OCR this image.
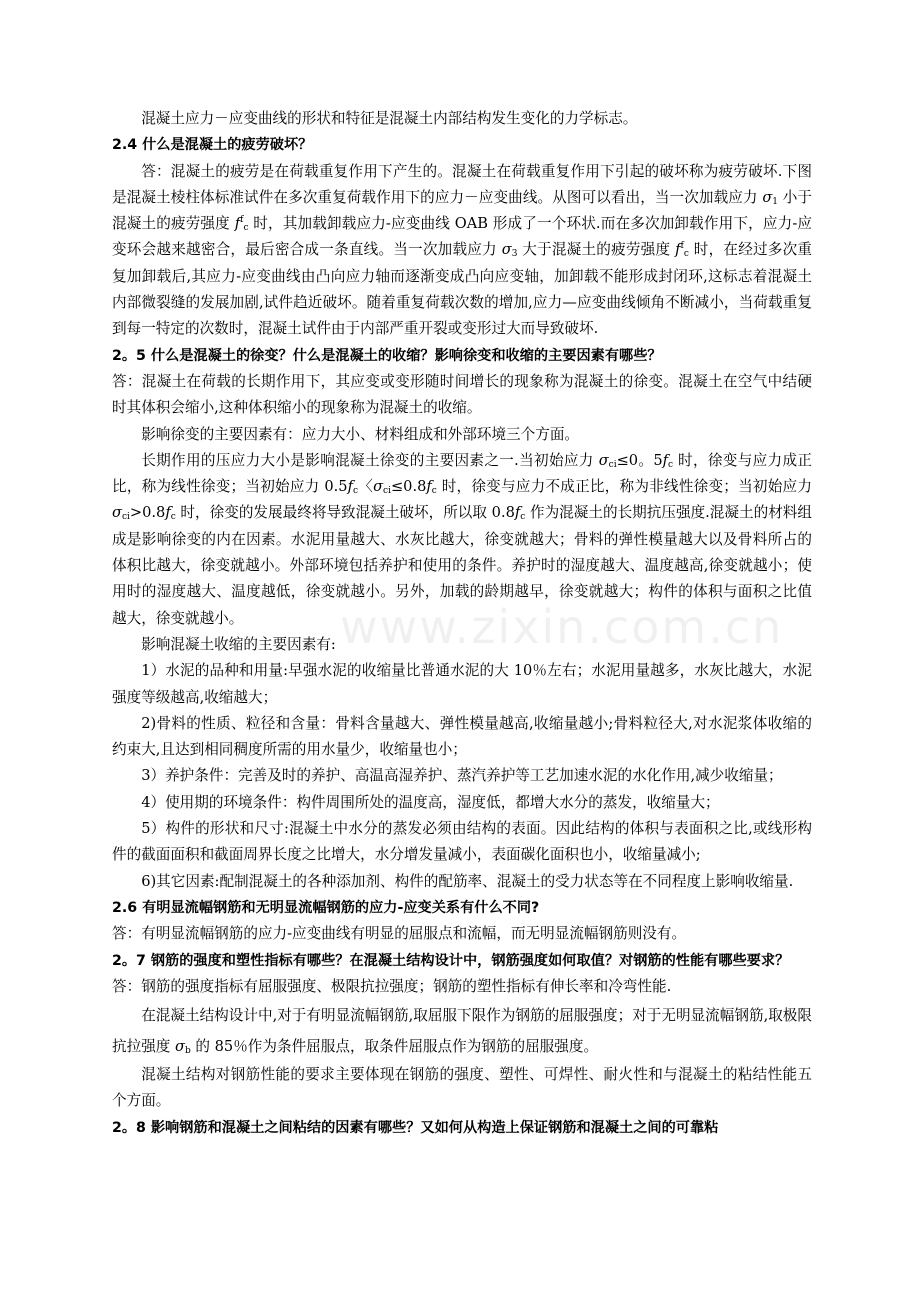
www.zixin.com.cn

混凝土应力－应变曲线的形状和特征是混凝土内部结构发生变化的力学标志。

2.4 什么是混凝土的疲劳破坏？

答：混凝土的疲劳是在荷载重复作用下产生的。混凝土在荷载重复作用下引起的破坏称为疲劳破坏.下图是混凝土棱柱体标准试件在多次重复荷载作用下的应力－应变曲线。从图可以看出，当一次加载应力 $\sigma_1$ 小于混凝土的疲劳强度 $f^f_c$ 时，其加载卸载应力-应变曲线 OAB 形成了一个环状.而在多次加卸载作用下，应力-应变环会越来越密合，最后密合成一条直线。当一次加载应力 $\sigma_3$ 大于混凝土的疲劳强度 $f^f_c$ 时，在经过多次重复加卸载后,其应力-应变曲线由凸向应力轴而逐渐变成凸向应变轴，加卸载不能形成封闭环,这标志着混凝土内部微裂缝的发展加剧,试件趋近破坏。随着重复荷载次数的增加,应力—应变曲线倾角不断减小，当荷载重复到每一特定的次数时，混凝土试件由于内部严重开裂或变形过大而导致破坏.

2。5 什么是混凝土的徐变？什么是混凝土的收缩？影响徐变和收缩的主要因素有哪些？

答：混凝土在荷载的长期作用下，其应变或变形随时间增长的现象称为混凝土的徐变。混凝土在空气中结硬时其体积会缩小,这种体积缩小的现象称为混凝土的收缩。

影响徐变的主要因素有：应力大小、材料组成和外部环境三个方面。

长期作用的压应力大小是影响混凝土徐变的主要因素之一.当初始应力 $\sigma_{ci}\le 0$。$5f_c$ 时，徐变与应力成正比，称为线性徐变；当初始应力 $0.5f_c$〈$\sigma_{ci}\le 0.8f_c$ 时，徐变与应力不成正比，称为非线性徐变；当初始应力 $\sigma_{ci}>0.8f_c$ 时，徐变的发展最终将导致混凝土破坏，所以取 $0.8f_c$ 作为混凝土的长期抗压强度.混凝土的材料组成是影响徐变的内在因素。水泥用量越大、水灰比越大，徐变就越大；骨料的弹性模量越大以及骨料所占的体积比越大，徐变就越小。外部环境包括养护和使用的条件。养护时的湿度越大、温度越高,徐变就越小；使用时的湿度越大、温度越低，徐变就越小。另外，加载的龄期越早，徐变就越大；构件的体积与面积之比值越大，徐变就越小。

影响混凝土收缩的主要因素有:

1）水泥的品种和用量:早强水泥的收缩量比普通水泥的大 10％左右；水泥用量越多，水灰比越大，水泥强度等级越高,收缩越大；

2)骨料的性质、粒径和含量：骨料含量越大、弹性模量越高,收缩量越小;骨料粒径大,对水泥浆体收缩的约束大,且达到相同稠度所需的用水量少，收缩量也小；

3）养护条件：完善及时的养护、高温高湿养护、蒸汽养护等工艺加速水泥的水化作用,减少收缩量；

4）使用期的环境条件：构件周围所处的温度高，湿度低，都增大水分的蒸发，收缩量大；

5）构件的形状和尺寸:混凝土中水分的蒸发必须由结构的表面。因此结构的体积与表面积之比,或线形构件的截面面积和截面周界长度之比增大，水分增发量减小，表面碳化面积也小，收缩量减小;

6)其它因素:配制混凝土的各种添加剂、构件的配筋率、混凝土的受力状态等在不同程度上影响收缩量.

2.6 有明显流幅钢筋和无明显流幅钢筋的应力-应变关系有什么不同?

答：有明显流幅钢筋的应力-应变曲线有明显的屈服点和流幅，而无明显流幅钢筋则没有。

2。7 钢筋的强度和塑性指标有哪些？在混凝土结构设计中，钢筋强度如何取值？对钢筋的性能有哪些要求？

答：钢筋的强度指标有屈服强度、极限抗拉强度；钢筋的塑性指标有伸长率和冷弯性能.

在混凝土结构设计中,对于有明显流幅钢筋,取屈服下限作为钢筋的屈服强度；对于无明显流幅钢筋,取极限抗拉强度 $\sigma_b$ 的 85％作为条件屈服点，取条件屈服点作为钢筋的屈服强度。

混凝土结构对钢筋性能的要求主要体现在钢筋的强度、塑性、可焊性、耐火性和与混凝土的粘结性能五个方面。

2。8 影响钢筋和混凝土之间粘结的因素有哪些？又如何从构造上保证钢筋和混凝土之间的可靠粘
